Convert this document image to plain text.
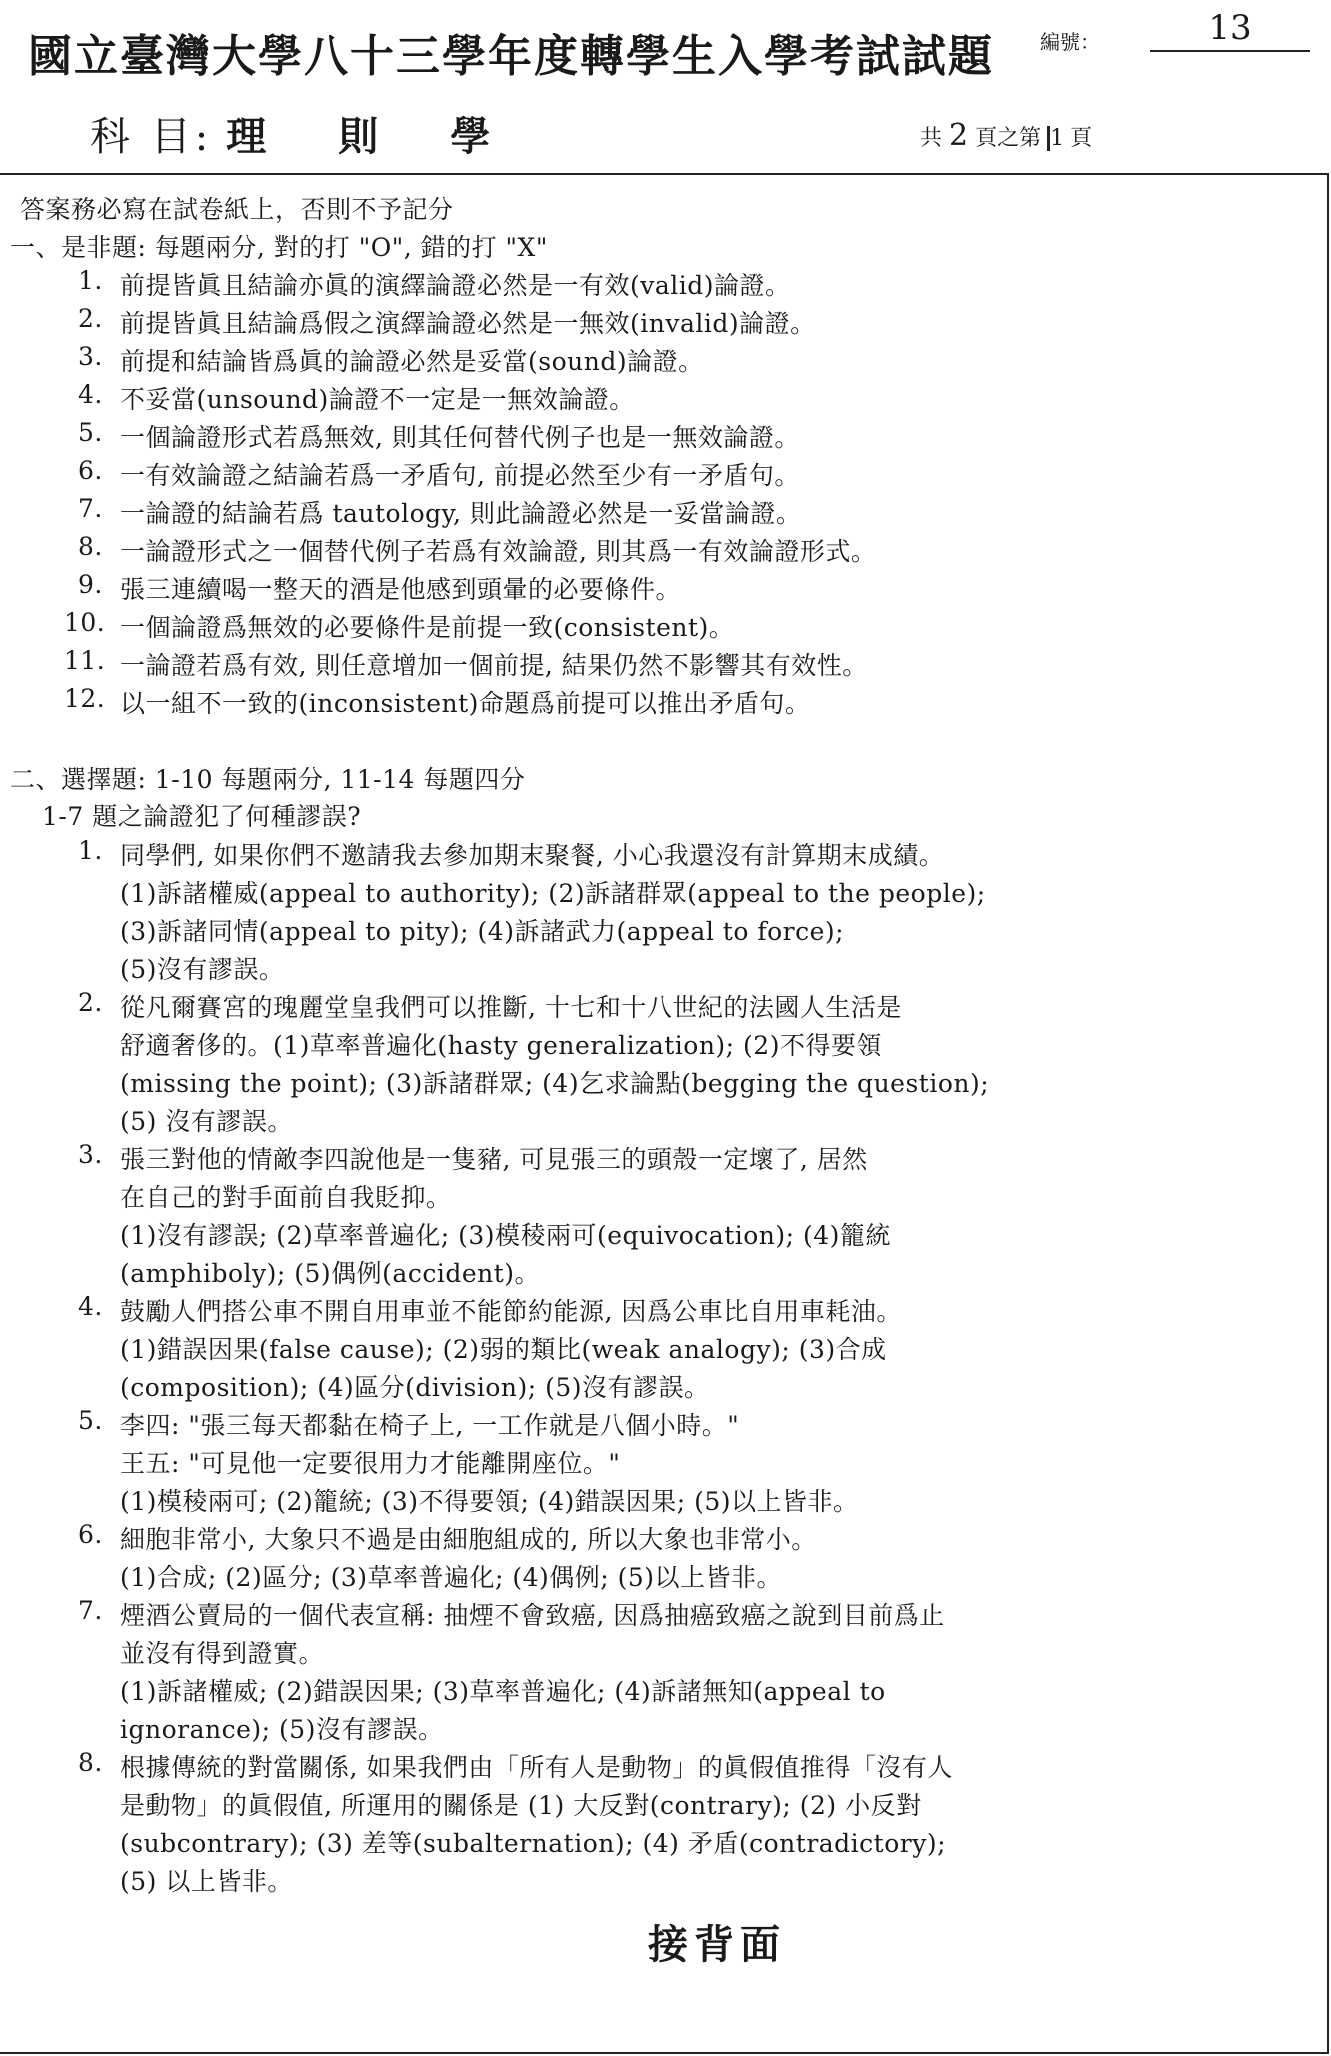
國立臺灣大學八十三學年度轉學生入學考試試題 編號：	13
科 目: 理則學	共 2 頁之第 1 頁
答案務必寫在試卷紙上，否則不予記分
一、是非題: 每題兩分, 對的打 "O", 錯的打 "X"
1. 前提皆眞且結論亦眞的演繹論證必然是一有效(valid)論證。
2. 前提皆眞且結論爲假之演繹論證必然是一無效(invalid)論證。
3. 前提和結論皆爲眞的論證必然是妥當(sound)論證。
4. 不妥當(unsound)論證不一定是一無效論證。
5. 一個論證形式若爲無效, 則其任何替代例子也是一無效論證。
6. 一有效論證之結論若爲一矛盾句, 前提必然至少有一矛盾句。
7. 一論證的結論若爲 tautology, 則此論證必然是一妥當論證。
8. 一論證形式之一個替代例子若爲有效論證, 則其爲一有效論證形式。
9. 張三連續喝一整天的酒是他感到頭暈的必要條件。
10. 一個論證爲無效的必要條件是前提一致(consistent)。
11. 一論證若爲有效, 則任意增加一個前提, 結果仍然不影響其有效性。
12. 以一組不一致的(inconsistent)命題爲前提可以推出矛盾句。
二、選擇題: 1-10 每題兩分, 11-14 每題四分
1-7 題之論證犯了何種謬誤?
1. 同學們, 如果你們不邀請我去參加期末聚餐, 小心我還沒有計算期末成績。
(1)訴諸權威(appeal to authority); (2)訴諸群眾(appeal to the people);
(3)訴諸同情(appeal to pity); (4)訴諸武力(appeal to force);
(5)沒有謬誤。
2. 從凡爾賽宮的瑰麗堂皇我們可以推斷, 十七和十八世紀的法國人生活是
舒適奢侈的。(1)草率普遍化(hasty generalization); (2)不得要領
(missing the point); (3)訴諸群眾; (4)乞求論點(begging the question);
(5) 沒有謬誤。
3. 張三對他的情敵李四說他是一隻豬, 可見張三的頭殼一定壞了, 居然
在自己的對手面前自我貶抑。
(1)沒有謬誤; (2)草率普遍化; (3)模稜兩可(equivocation); (4)籠統
(amphiboly); (5)偶例(accident)。
4. 鼓勵人們搭公車不開自用車並不能節約能源, 因爲公車比自用車耗油。
(1)錯誤因果(false cause); (2)弱的類比(weak analogy); (3)合成
(composition); (4)區分(division); (5)沒有謬誤。
5. 李四: "張三每天都黏在椅子上, 一工作就是八個小時。"
王五: "可見他一定要很用力才能離開座位。"
(1)模稜兩可; (2)籠統; (3)不得要領; (4)錯誤因果; (5)以上皆非。
6. 細胞非常小, 大象只不過是由細胞組成的, 所以大象也非常小。
(1)合成; (2)區分; (3)草率普遍化; (4)偶例; (5)以上皆非。
7. 煙酒公賣局的一個代表宣稱: 抽煙不會致癌, 因爲抽癌致癌之說到目前爲止
並沒有得到證實。
(1)訴諸權威; (2)錯誤因果; (3)草率普遍化; (4)訴諸無知(appeal to
ignorance); (5)沒有謬誤。
8. 根據傳統的對當關係, 如果我們由「所有人是動物」的眞假值推得「沒有人
是動物」的眞假值, 所運用的關係是 (1) 大反對(contrary); (2) 小反對
(subcontrary); (3) 差等(subalternation); (4) 矛盾(contradictory);
(5) 以上皆非。
接背面
